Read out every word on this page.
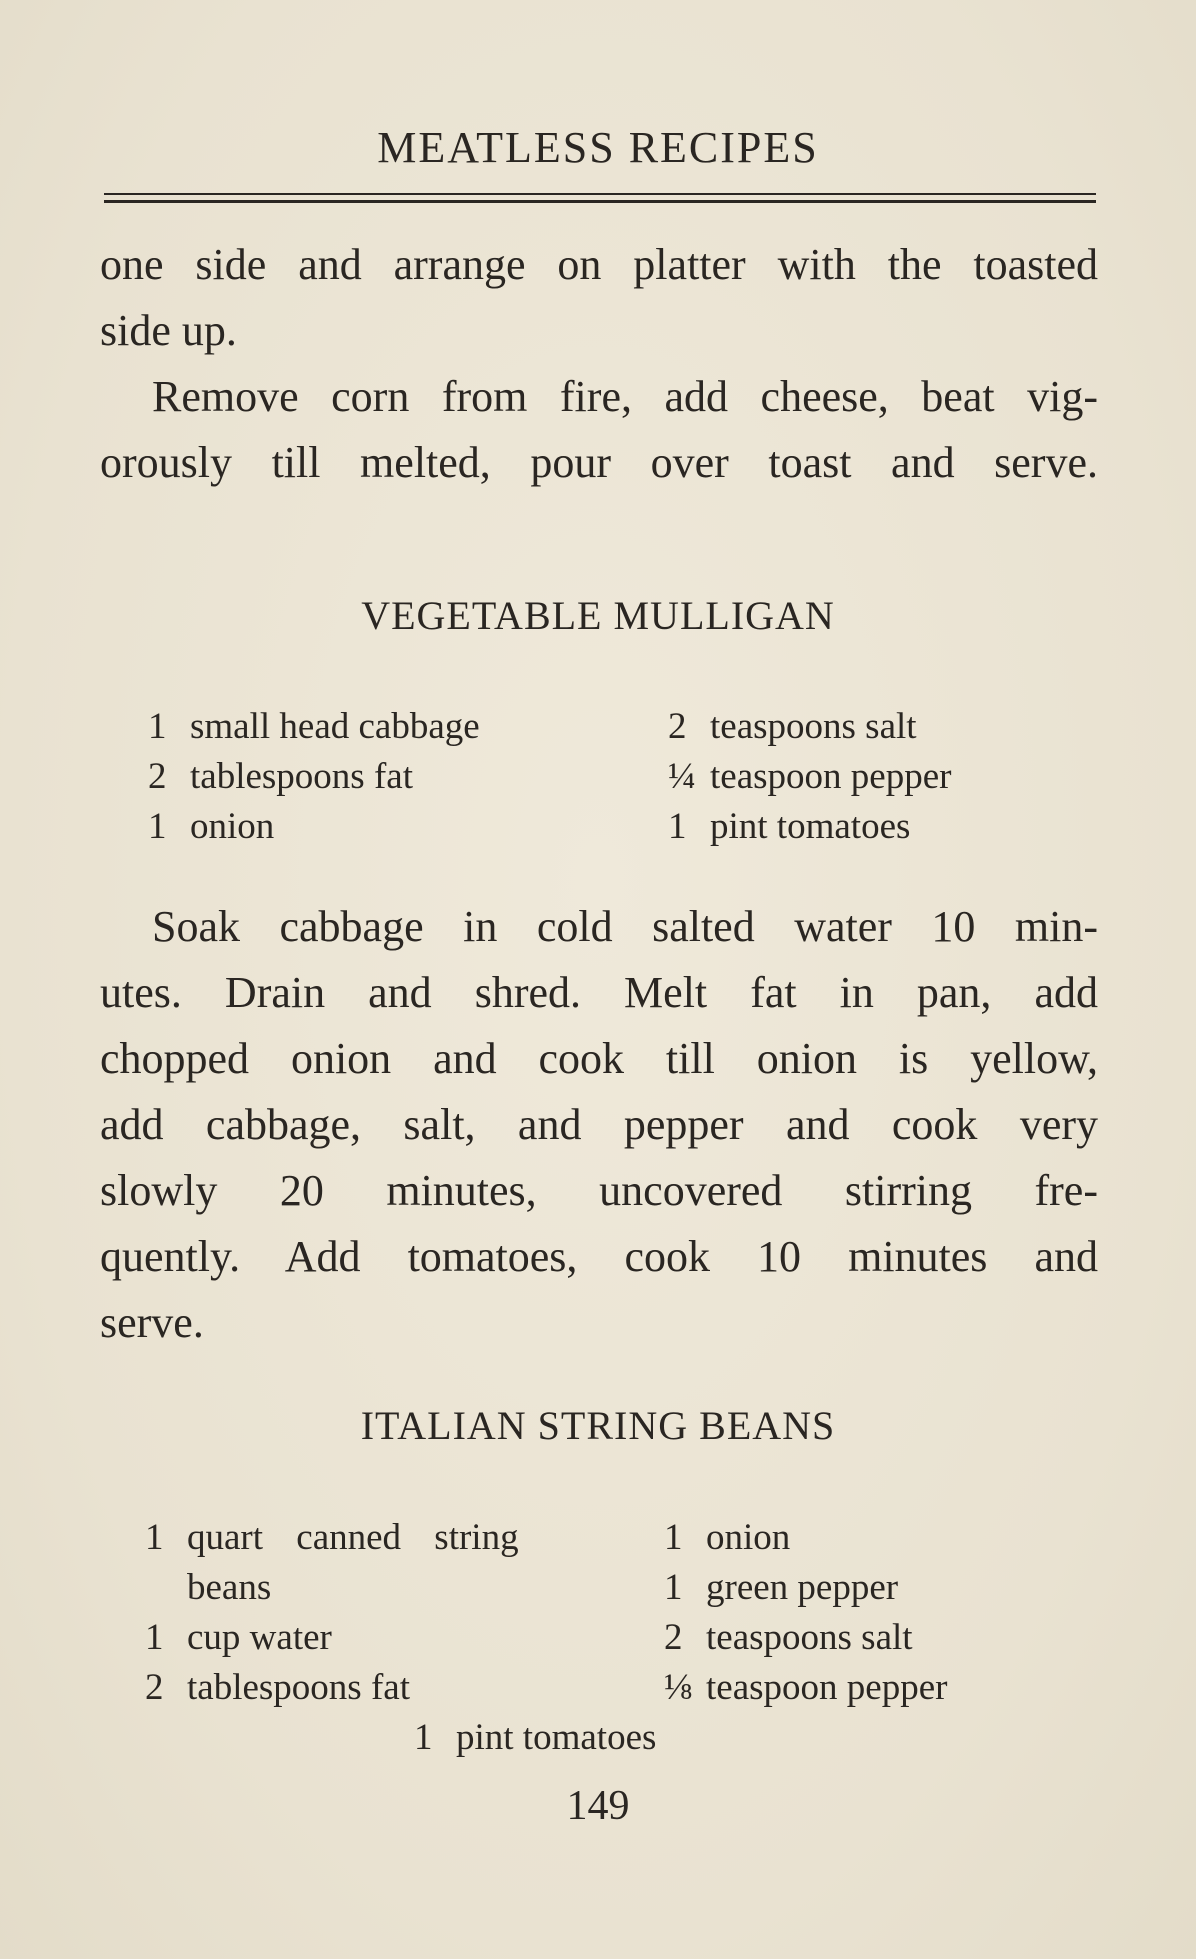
MEATLESS RECIPES
one side and arrange on platter with the toasted
side up.
Remove corn from fire, add cheese, beat vig-
orously till melted, pour over toast and serve.
VEGETABLE MULLIGAN
1 small head cabbage
2 tablespoons fat
1 onion
2 teaspoons salt
¼ teaspoon pepper
1 pint tomatoes
Soak cabbage in cold salted water 10 min-
utes. Drain and shred. Melt fat in pan, add
chopped onion and cook till onion is yellow,
add cabbage, salt, and pepper and cook very
slowly 20 minutes, uncovered stirring fre-
quently. Add tomatoes, cook 10 minutes and
serve.
ITALIAN STRING BEANS
1 quart canned string
beans
1 cup water
2 tablespoons fat
1 onion
1 green pepper
2 teaspoons salt
⅛ teaspoon pepper
1 pint tomatoes
149
